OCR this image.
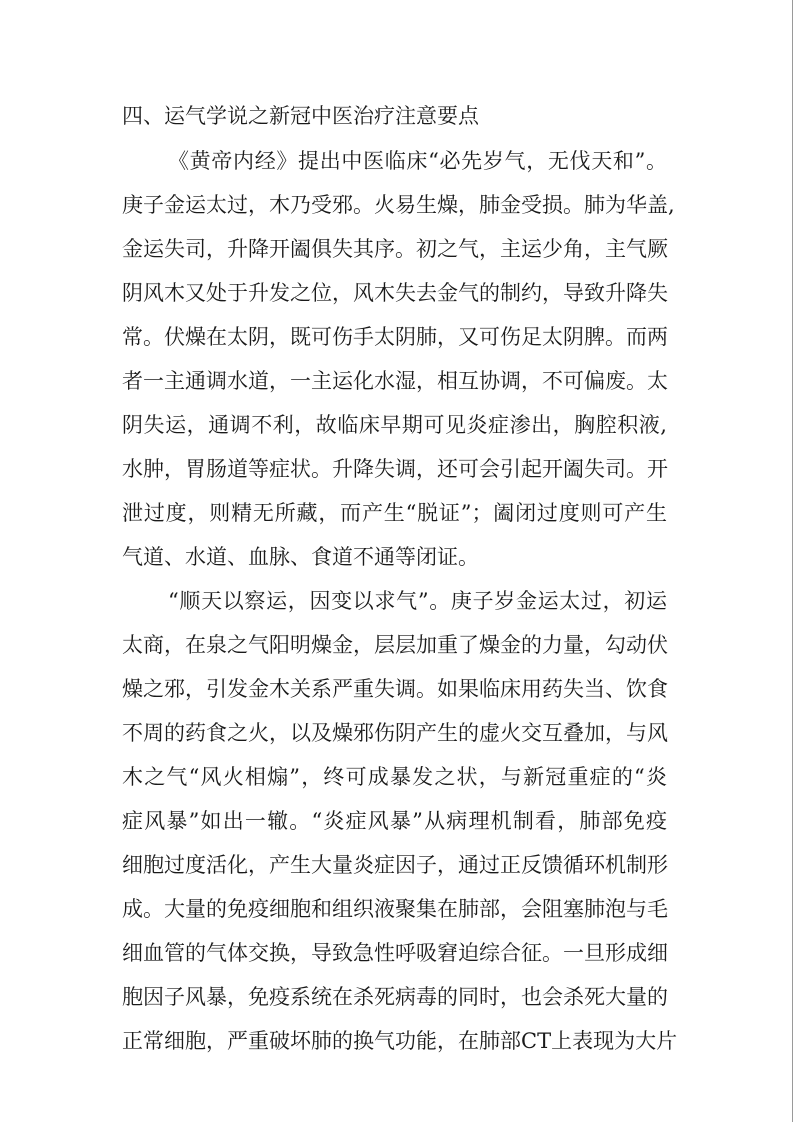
四、运气学说之新冠中医治疗注意要点
《黄帝内经》提出中医临床“必先岁气，无伐天和”。
庚子金运太过，木乃受邪。火易生燥，肺金受损。肺为华盖,
金运失司，升降开阖俱失其序。初之气，主运少角，主气厥
阴风木又处于升发之位，风木失去金气的制约，导致升降失
常。伏燥在太阴，既可伤手太阴肺，又可伤足太阴脾。而两
者一主通调水道，一主运化水湿，相互协调，不可偏废。太
阴失运，通调不利，故临床早期可见炎症渗出，胸腔积液,
水肿，胃肠道等症状。升降失调，还可会引起开阖失司。开
泄过度，则精无所藏，而产生“脱证”；阖闭过度则可产生
气道、水道、血脉、食道不通等闭证。
“顺天以察运，因变以求气”。庚子岁金运太过，初运
太商，在泉之气阳明燥金，层层加重了燥金的力量，勾动伏
燥之邪，引发金木关系严重失调。如果临床用药失当、饮食
不周的药食之火，以及燥邪伤阴产生的虚火交互叠加，与风
木之气“风火相煽”，终可成暴发之状，与新冠重症的“炎
症风暴”如出一辙。“炎症风暴”从病理机制看，肺部免疫
细胞过度活化，产生大量炎症因子，通过正反馈循环机制形
成。大量的免疫细胞和组织液聚集在肺部，会阻塞肺泡与毛
细血管的气体交换，导致急性呼吸窘迫综合征。一旦形成细
胞因子风暴，免疫系统在杀死病毒的同时，也会杀死大量的
正常细胞，严重破坏肺的换气功能，在肺部CT上表现为大片
